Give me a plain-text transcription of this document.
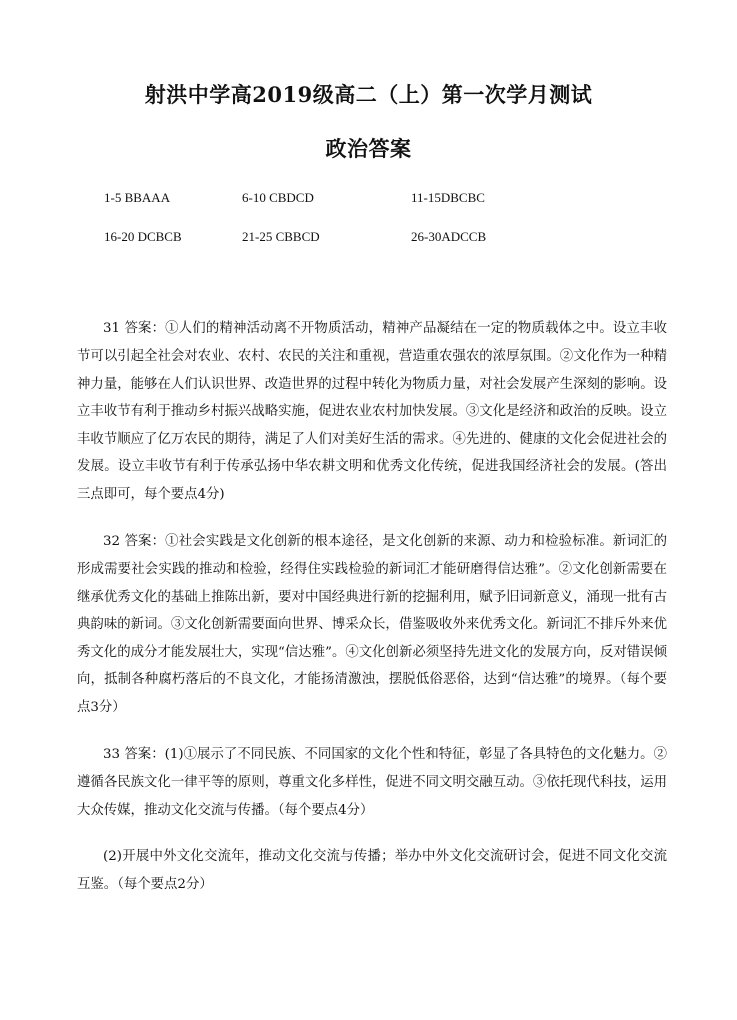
射洪中学高2019级高二（上）第一次学月测试
政治答案
1-5 BBAAA	6-10 CBDCD	11-15DBCBC
16-20 DCBCB	21-25 CBBCD	26-30ADCCB

31 答案：①人们的精神活动离不开物质活动，精神产品凝结在一定的物质载体之中。设立丰收节可以引起全社会对农业、农村、农民的关注和重视，营造重农强农的浓厚氛围。②文化作为一种精神力量，能够在人们认识世界、改造世界的过程中转化为物质力量，对社会发展产生深刻的影响。设立丰收节有利于推动乡村振兴战略实施，促进农业农村加快发展。③文化是经济和政治的反映。设立丰收节顺应了亿万农民的期待，满足了人们对美好生活的需求。④先进的、健康的文化会促进社会的发展。设立丰收节有利于传承弘扬中华农耕文明和优秀文化传统，促进我国经济社会的发展。(答出三点即可，每个要点4分)

32 答案：①社会实践是文化创新的根本途径，是文化创新的来源、动力和检验标准。新词汇的形成需要社会实践的推动和检验，经得住实践检验的新词汇才能研磨得信达雅”。②文化创新需要在继承优秀文化的基础上推陈出新，要对中国经典进行新的挖掘利用，赋予旧词新意义，涌现一批有古典韵味的新词。③文化创新需要面向世界、博采众长，借鉴吸收外来优秀文化。新词汇不排斥外来优秀文化的成分才能发展壮大，实现“信达雅”。④文化创新必须坚持先进文化的发展方向，反对错误倾向，抵制各种腐朽落后的不良文化，才能扬清激浊，摆脱低俗恶俗，达到“信达雅”的境界。（每个要点3分）

33 答案：(1)①展示了不同民族、不同国家的文化个性和特征，彰显了各具特色的文化魅力。②遵循各民族文化一律平等的原则，尊重文化多样性，促进不同文明交融互动。③依托现代科技，运用大众传媒，推动文化交流与传播。（每个要点4分）

(2)开展中外文化交流年，推动文化交流与传播；举办中外文化交流研讨会，促进不同文化交流互鉴。（每个要点2分）
